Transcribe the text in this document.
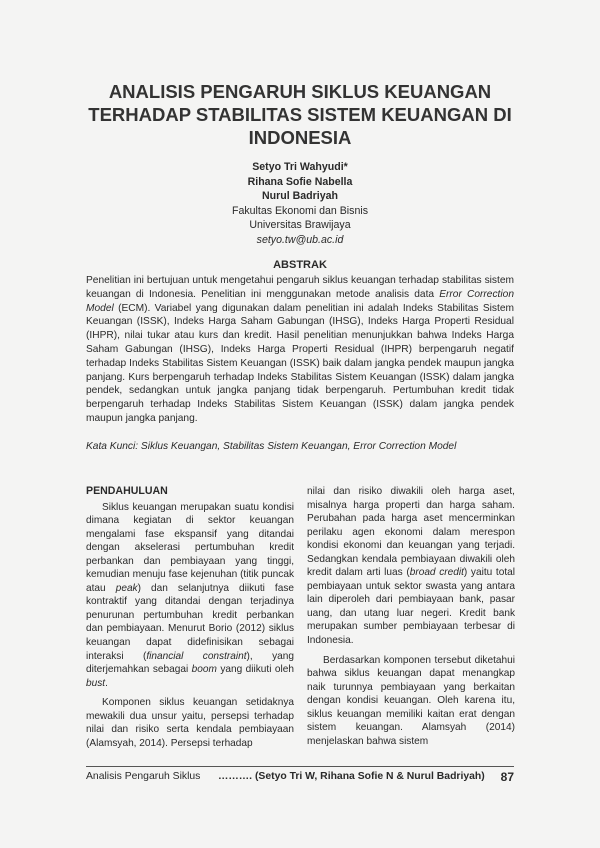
ANALISIS PENGARUH SIKLUS KEUANGAN
TERHADAP STABILITAS SISTEM KEUANGAN DI
INDONESIA
Setyo Tri Wahyudi*
Rihana Sofie Nabella
Nurul Badriyah
Fakultas Ekonomi dan Bisnis
Universitas Brawijaya
setyo.tw@ub.ac.id
ABSTRAK
Penelitian ini bertujuan untuk mengetahui pengaruh siklus keuangan terhadap stabilitas sistem keuangan di Indonesia. Penelitian ini menggunakan metode analisis data Error Correction Model (ECM). Variabel yang digunakan dalam penelitian ini adalah Indeks Stabilitas Sistem Keuangan (ISSK), Indeks Harga Saham Gabungan (IHSG), Indeks Harga Properti Residual (IHPR), nilai tukar atau kurs dan kredit. Hasil penelitian menunjukkan bahwa Indeks Harga Saham Gabungan (IHSG), Indeks Harga Properti Residual (IHPR) berpengaruh negatif terhadap Indeks Stabilitas Sistem Keuangan (ISSK) baik dalam jangka pendek maupun jangka panjang. Kurs berpengaruh terhadap Indeks Stabilitas Sistem Keuangan (ISSK) dalam jangka pendek, sedangkan untuk jangka panjang tidak berpengaruh. Pertumbuhan kredit tidak berpengaruh terhadap Indeks Stabilitas Sistem Keuangan (ISSK) dalam jangka pendek maupun jangka panjang.
Kata Kunci: Siklus Keuangan, Stabilitas Sistem Keuangan, Error Correction Model
PENDAHULUAN

Siklus keuangan merupakan suatu kondisi dimana kegiatan di sektor keuangan mengalami fase ekspansif yang ditandai dengan akselerasi pertumbuhan kredit perbankan dan pembiayaan yang tinggi, kemudian menuju fase kejenuhan (titik puncak atau peak) dan selanjutnya diikuti fase kontraktif yang ditandai dengan terjadinya penurunan pertumbuhan kredit perbankan dan pembiayaan. Menurut Borio (2012) siklus keuangan dapat didefinisikan sebagai interaksi (financial constraint), yang diterjemahkan sebagai boom yang diikuti oleh bust.

Komponen siklus keuangan setidaknya mewakili dua unsur yaitu, persepsi terhadap nilai dan risiko serta kendala pembiayaan (Alamsyah, 2014). Persepsi terhadap

nilai dan risiko diwakili oleh harga aset, misalnya harga properti dan harga saham. Perubahan pada harga aset mencerminkan perilaku agen ekonomi dalam merespon kondisi ekonomi dan keuangan yang terjadi. Sedangkan kendala pembiayaan diwakili oleh kredit dalam arti luas (broad credit) yaitu total pembiayaan untuk sektor swasta yang antara lain diperoleh dari pembiayaan bank, pasar uang, dan utang luar negeri. Kredit bank merupakan sumber pembiayaan terbesar di Indonesia.

Berdasarkan komponen tersebut diketahui bahwa siklus keuangan dapat menangkap naik turunnya pembiayaan yang berkaitan dengan kondisi keuangan. Oleh karena itu, siklus keuangan memiliki kaitan erat dengan sistem keuangan. Alamsyah (2014) menjelaskan bahwa sistem

Analisis Pengaruh Siklus ………. (Setyo Tri W, Rihana Sofie N & Nurul Badriyah) 87
